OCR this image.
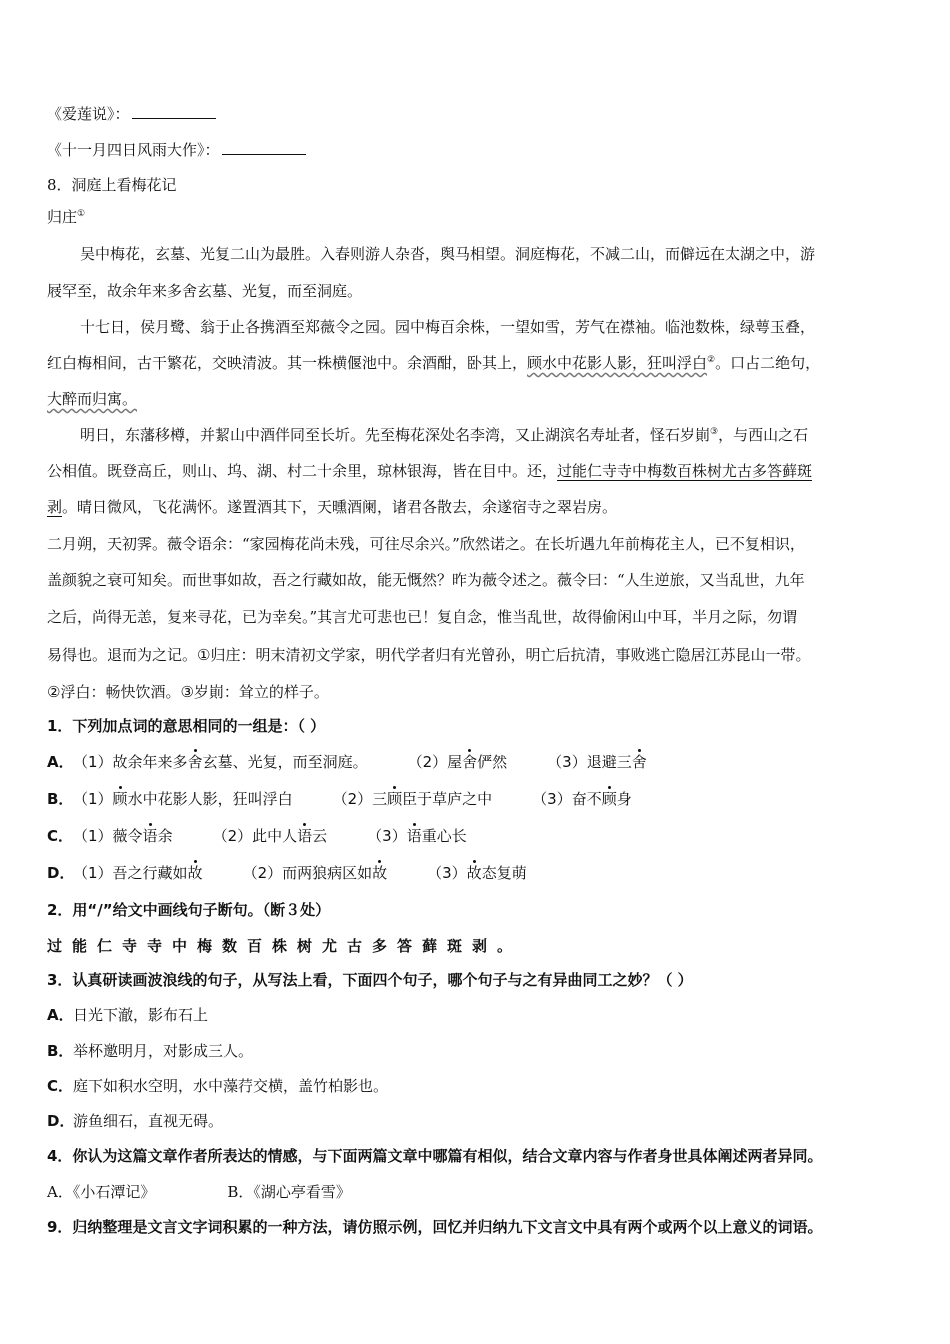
《爱莲说》：
《十一月四日风雨大作》：
8．洞庭上看梅花记
归庄①
吴中梅花，玄墓、光复二山为最胜。入春则游人杂沓，舆马相望。洞庭梅花，不减二山，而僻远在太湖之中，游
屐罕至，故余年来多舍玄墓、光复，而至洞庭。
十七日，侯月鹭、翁于止各携酒至郑薇令之园。园中梅百余株，一望如雪，芳气在襟袖。临池数株，绿萼玉叠，
红白梅相间，古干繁花，交映清波。其一株横偃池中。余酒酣，卧其上，顾水中花影人影，狂叫浮白②。口占二绝句，
大醉而归寓。
明日，东藩移樽，并絜山中酒伴同至长圻。先至梅花深处名李湾，又止湖滨名寿址者，怪石岁崱③，与西山之石
公相值。既登高丘，则山、坞、湖、村二十余里，琼林银海，皆在目中。还，过能仁寺寺中梅数百株树尤古多答藓斑
剥。晴日微风，飞花满怀。遂置酒其下，天曛酒阑，诸君各散去，余遂宿寺之翠岩房。
二月朔，天初霁。薇令语余：“家园梅花尚未残，可往尽余兴。”欣然诺之。在长圻遇九年前梅花主人，已不复相识，
盖颜貌之衰可知矣。而世事如故，吾之行藏如故，能无慨然？昨为薇令述之。薇令曰：“人生逆旅，又当乱世，九年
之后，尚得无恙，复来寻花，已为幸矣。”其言尤可悲也已！复自念，惟当乱世，故得偷闲山中耳，半月之际，勿谓
易得也。退而为之记。①归庄：明末清初文学家，明代学者归有光曾孙，明亡后抗清，事败逃亡隐居江苏昆山一带。
②浮白：畅快饮酒。③岁崱：耸立的样子。
1．下列加点词的意思相同的一组是：（ ）
A．（1）故余年来多舍玄墓、光复，而至洞庭。	（2）屋舍俨然	（3）退避三舍
B．（1）顾水中花影人影，狂叫浮白	（2）三顾臣于草庐之中	（3）奋不顾身
C．（1）薇令语余	（2）此中人语云	（3）语重心长
D．（1）吾之行藏如故	（2）而两狼病区如故	（3）故态复萌
2．用“/”给文中画线句子断句。（断３处）
过能仁寺寺中梅数百株树尤古多答藓斑剥。
3．认真研读画波浪线的句子，从写法上看，下面四个句子，哪个句子与之有异曲同工之妙？（ ）
A．日光下澈，影布石上
B．举杯邀明月，对影成三人。
C．庭下如积水空明，水中藻荇交横，盖竹柏影也。
D．游鱼细石，直视无碍。
4．你认为这篇文章作者所表达的情感，与下面两篇文章中哪篇有相似，结合文章内容与作者身世具体阐述两者异同。
A．《小石潭记》	B．《湖心亭看雪》
9．归纳整理是文言文字词积累的一种方法，请仿照示例，回忆并归纳九下文言文中具有两个或两个以上意义的词语。
